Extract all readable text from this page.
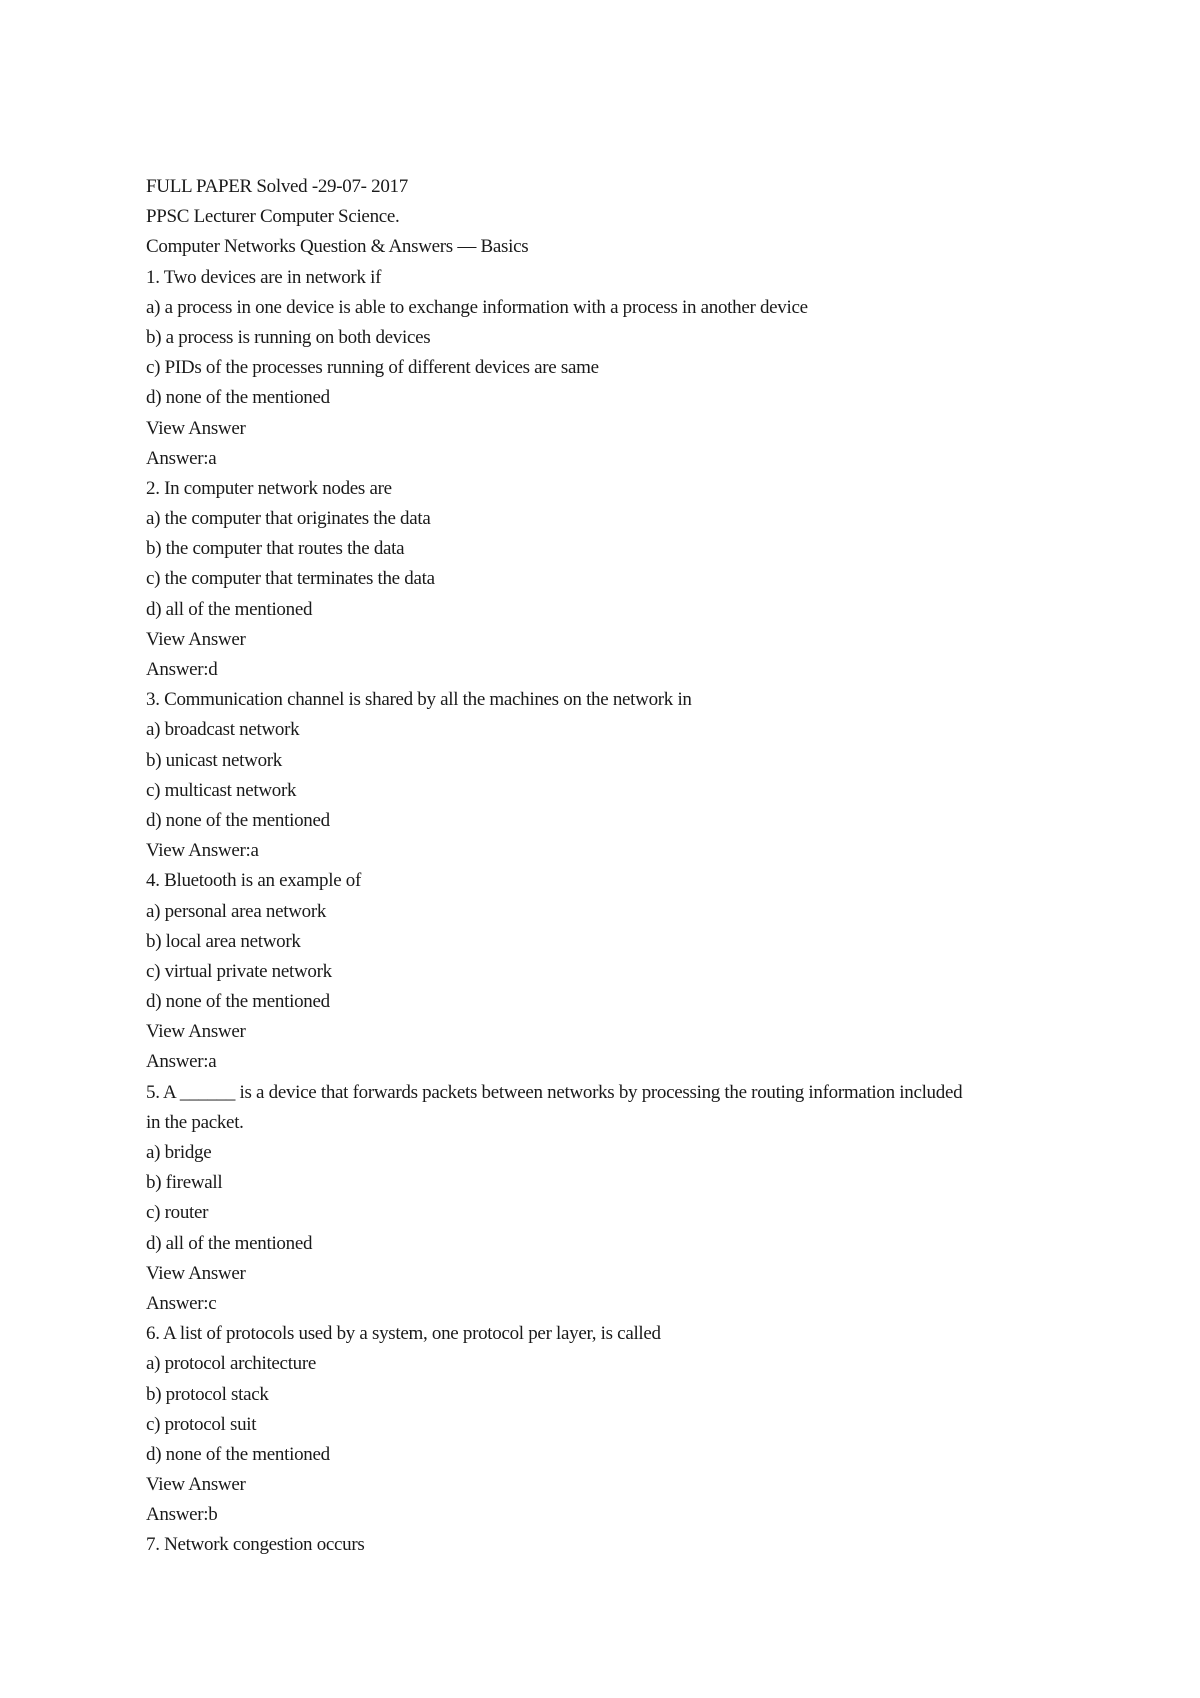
FULL PAPER Solved -29-07- 2017
PPSC Lecturer Computer Science.
Computer Networks Question & Answers — Basics
1. Two devices are in network if
a) a process in one device is able to exchange information with a process in another device
b) a process is running on both devices
c) PIDs of the processes running of different devices are same
d) none of the mentioned
View Answer
Answer:a
2. In computer network nodes are
a) the computer that originates the data
b) the computer that routes the data
c) the computer that terminates the data
d) all of the mentioned
View Answer
Answer:d
3. Communication channel is shared by all the machines on the network in
a) broadcast network
b) unicast network
c) multicast network
d) none of the mentioned
View Answer:a
4. Bluetooth is an example of
a) personal area network
b) local area network
c) virtual private network
d) none of the mentioned
View Answer
Answer:a
5. A ______ is a device that forwards packets between networks by processing the routing information included
in the packet.
a) bridge
b) firewall
c) router
d) all of the mentioned
View Answer
Answer:c
6. A list of protocols used by a system, one protocol per layer, is called
a) protocol architecture
b) protocol stack
c) protocol suit
d) none of the mentioned
View Answer
Answer:b
7. Network congestion occurs
